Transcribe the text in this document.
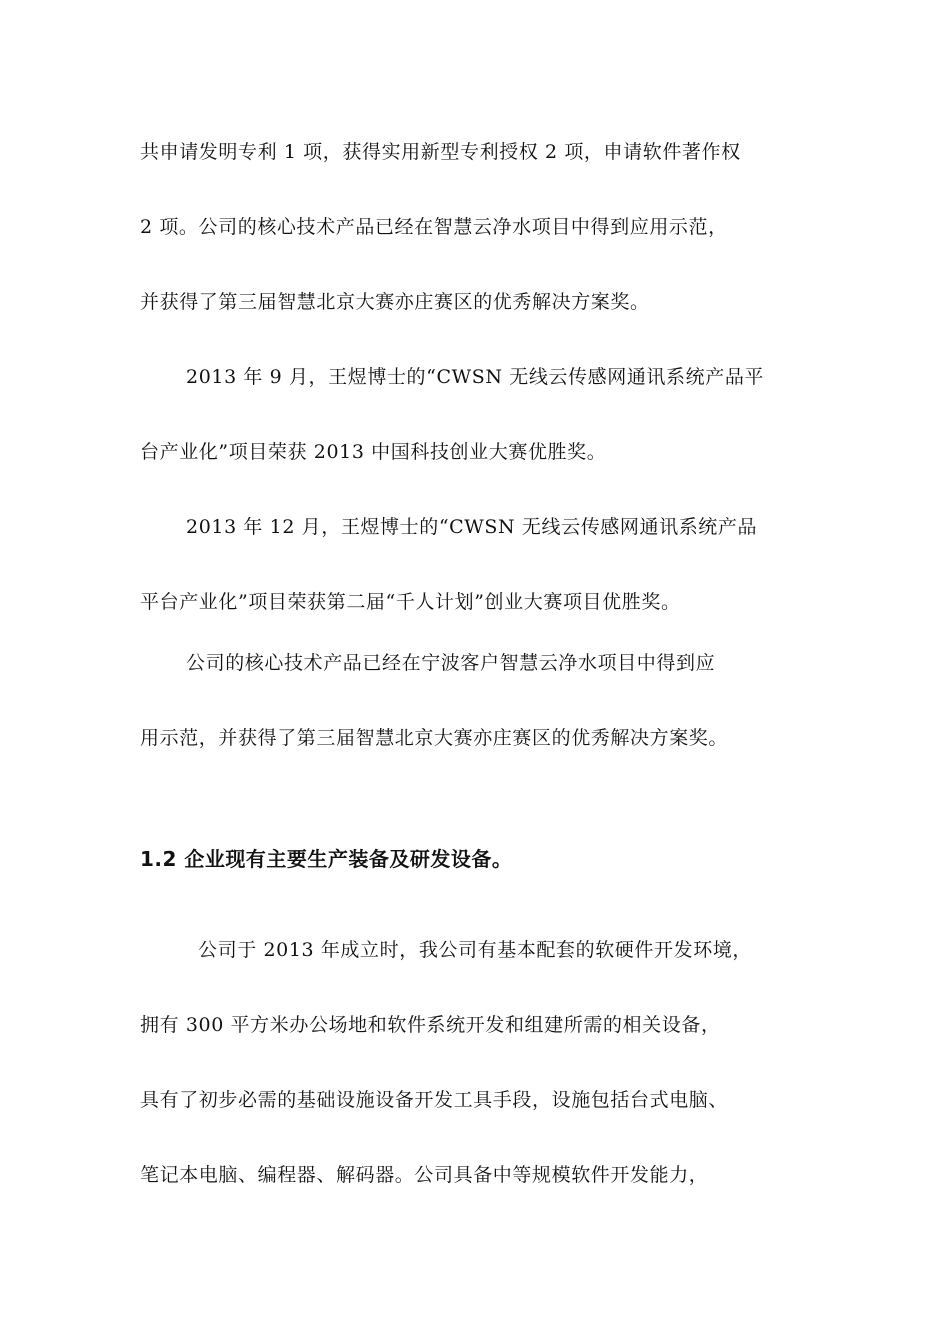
共申请发明专利 1 项，获得实用新型专利授权 2 项，申请软件著作权
2 项。公司的核心技术产品已经在智慧云净水项目中得到应用示范，
并获得了第三届智慧北京大赛亦庄赛区的优秀解决方案奖。
2013 年 9 月，王煜博士的“CWSN 无线云传感网通讯系统产品平
台产业化”项目荣获 2013 中国科技创业大赛优胜奖。
2013 年 12 月，王煜博士的“CWSN 无线云传感网通讯系统产品
平台产业化”项目荣获第二届“千人计划”创业大赛项目优胜奖。
公司的核心技术产品已经在宁波客户智慧云净水项目中得到应
用示范，并获得了第三届智慧北京大赛亦庄赛区的优秀解决方案奖。
1.2 企业现有主要生产装备及研发设备。
公司于 2013 年成立时，我公司有基本配套的软硬件开发环境，
拥有 300 平方米办公场地和软件系统开发和组建所需的相关设备，
具有了初步必需的基础设施设备开发工具手段，设施包括台式电脑、
笔记本电脑、编程器、解码器。公司具备中等规模软件开发能力，
